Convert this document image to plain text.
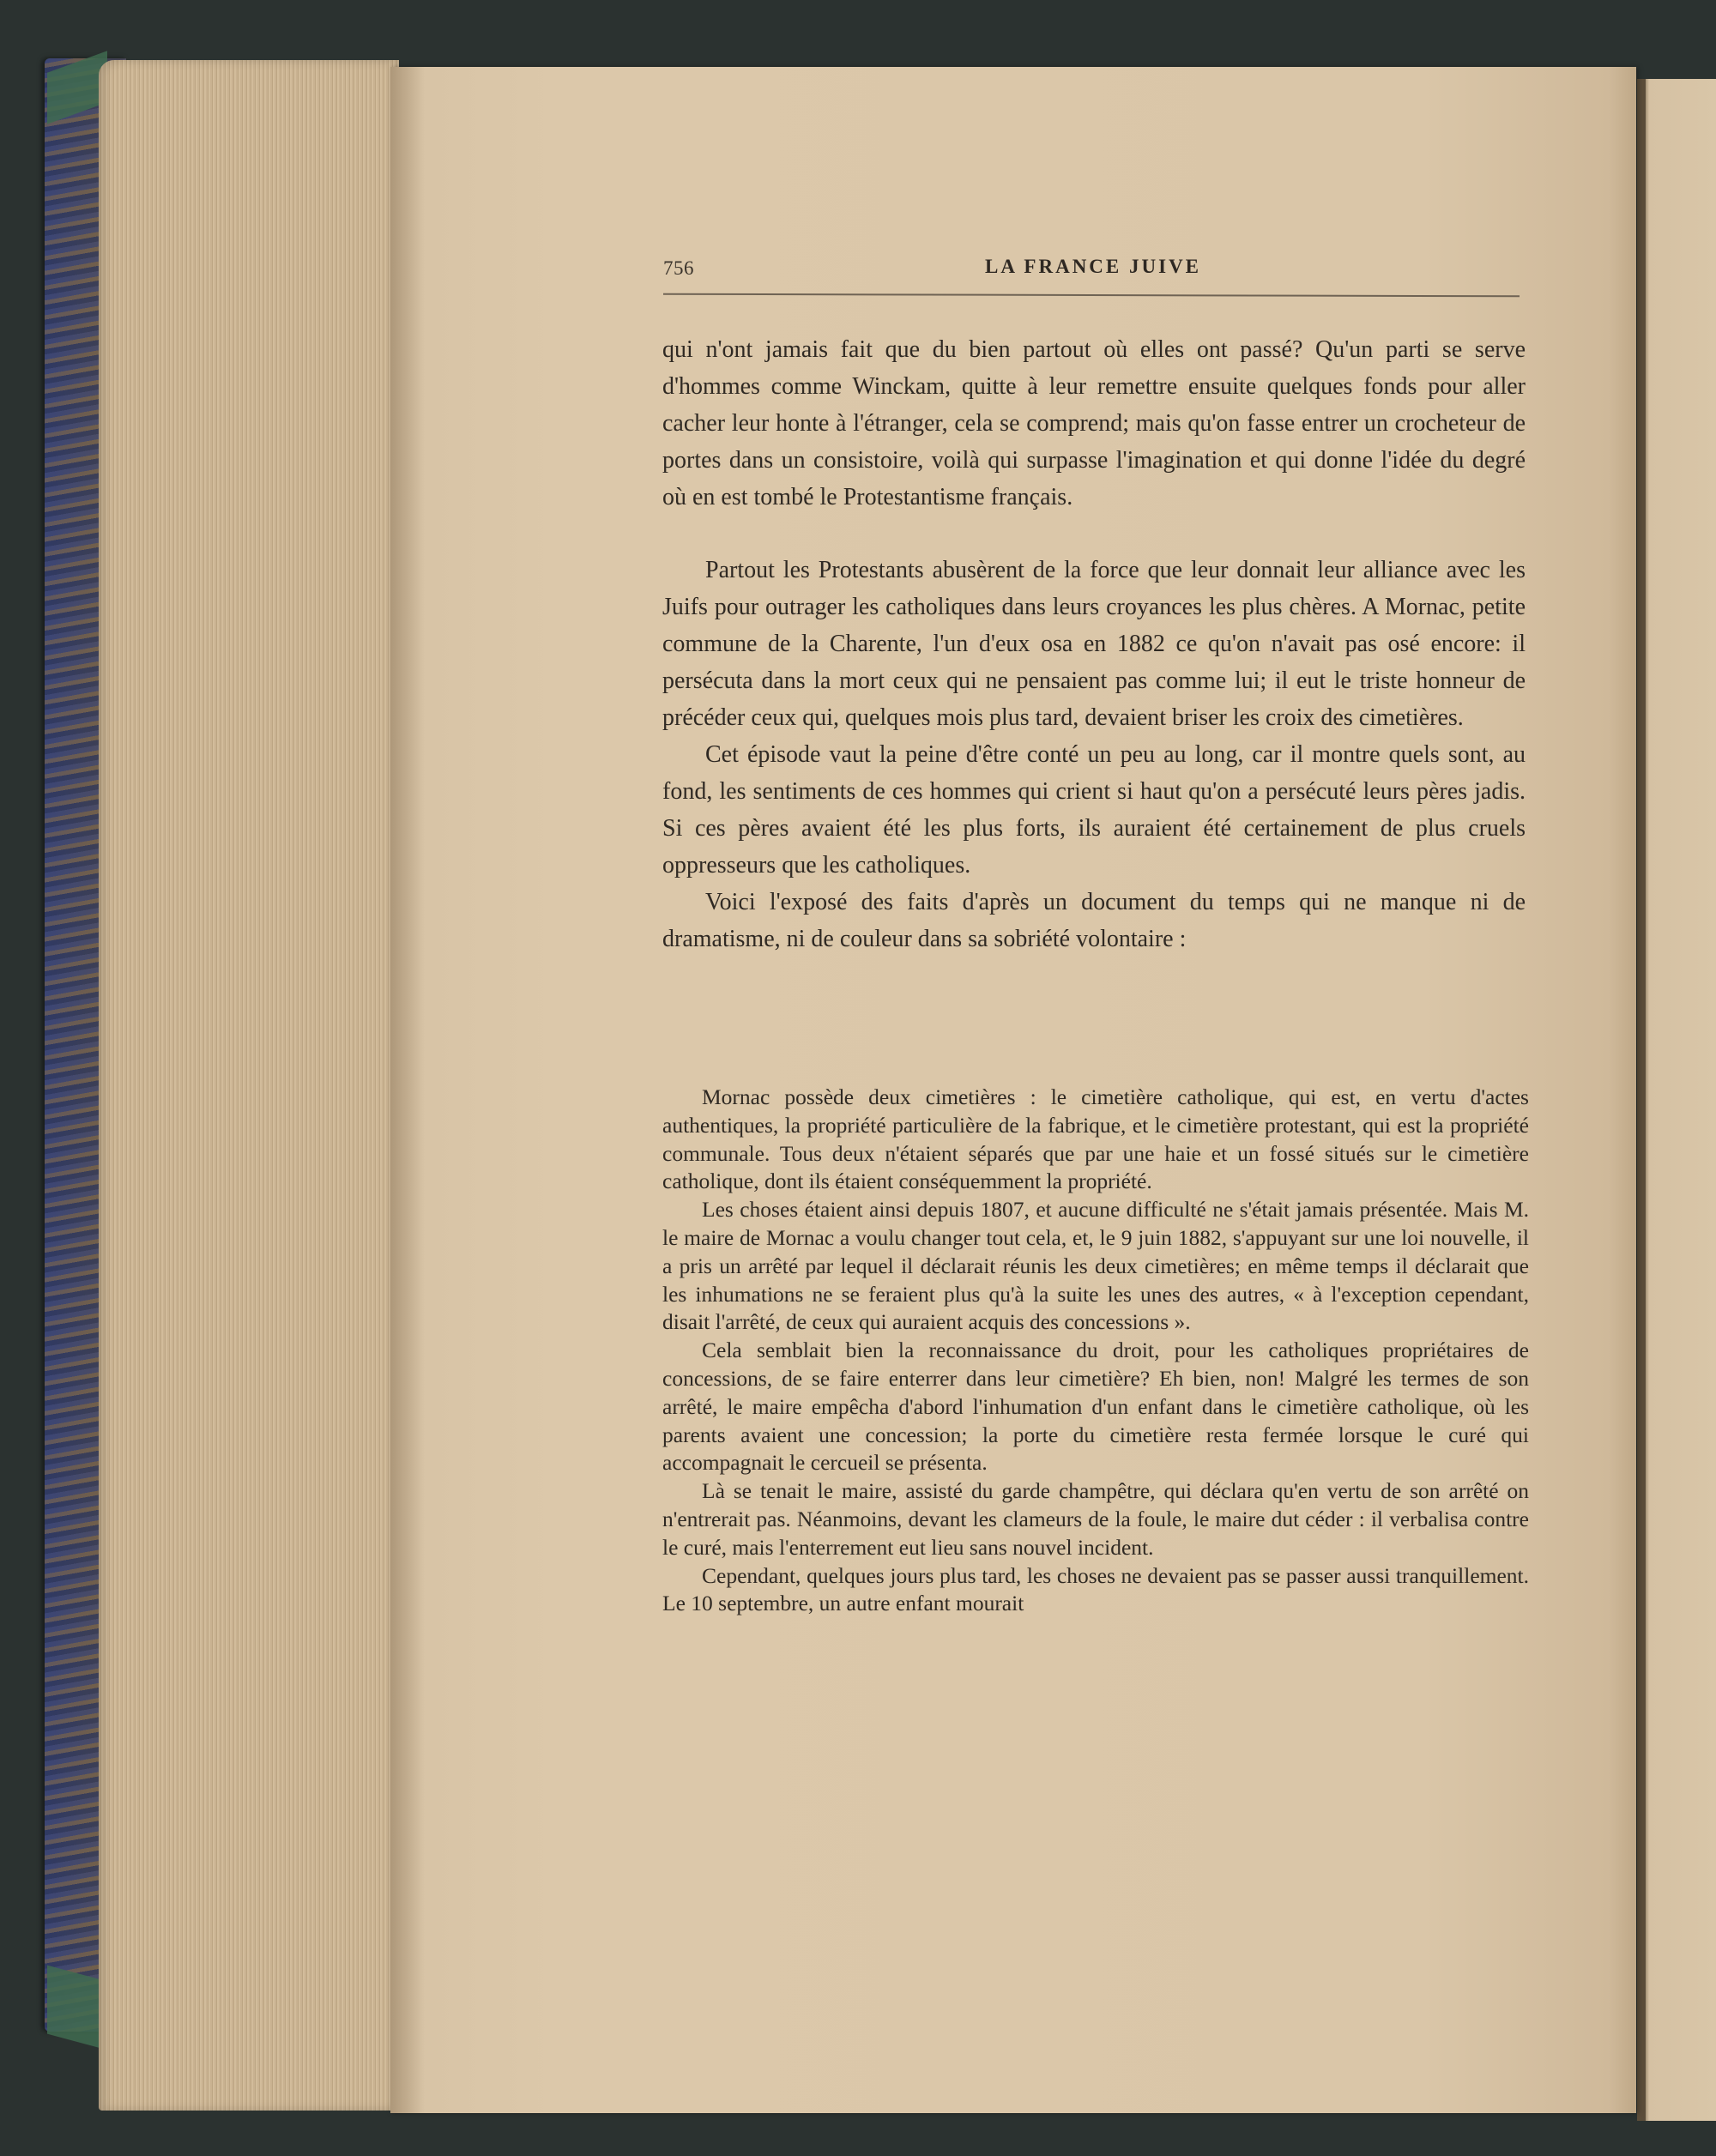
756	LA FRANCE JUIVE

qui n'ont jamais fait que du bien partout où elles ont passé? Qu'un parti se serve d'hommes comme Winckam, quitte à leur remettre ensuite quelques fonds pour aller cacher leur honte à l'étranger, cela se comprend; mais qu'on fasse entrer un crocheteur de portes dans un consistoire, voilà qui surpasse l'imagination et qui donne l'idée du degré où en est tombé le Protestantisme français.

Partout les Protestants abusèrent de la force que leur donnait leur alliance avec les Juifs pour outrager les catholiques dans leurs croyances les plus chères. A Mornac, petite commune de la Charente, l'un d'eux osa en 1882 ce qu'on n'avait pas osé encore: il persécuta dans la mort ceux qui ne pensaient pas comme lui; il eut le triste honneur de précéder ceux qui, quelques mois plus tard, devaient briser les croix des cimetières.

Cet épisode vaut la peine d'être conté un peu au long, car il montre quels sont, au fond, les sentiments de ces hommes qui crient si haut qu'on a persécuté leurs pères jadis. Si ces pères avaient été les plus forts, ils auraient été certainement de plus cruels oppresseurs que les catholiques.

Voici l'exposé des faits d'après un document du temps qui ne manque ni de dramatisme, ni de couleur dans sa sobriété volontaire :

Mornac possède deux cimetières : le cimetière catholique, qui est, en vertu d'actes authentiques, la propriété particulière de la fabrique, et le cimetière protestant, qui est la propriété communale. Tous deux n'étaient séparés que par une haie et un fossé situés sur le cimetière catholique, dont ils étaient conséquemment la propriété.

Les choses étaient ainsi depuis 1807, et aucune difficulté ne s'était jamais présentée. Mais M. le maire de Mornac a voulu changer tout cela, et, le 9 juin 1882, s'appuyant sur une loi nouvelle, il a pris un arrêté par lequel il déclarait réunis les deux cimetières; en même temps il déclarait que les inhumations ne se feraient plus qu'à la suite les unes des autres, « à l'exception cependant, disait l'arrêté, de ceux qui auraient acquis des concessions ».

Cela semblait bien la reconnaissance du droit, pour les catholiques propriétaires de concessions, de se faire enterrer dans leur cimetière? Eh bien, non! Malgré les termes de son arrêté, le maire empêcha d'abord l'inhumation d'un enfant dans le cimetière catholique, où les parents avaient une concession; la porte du cimetière resta fermée lorsque le curé qui accompagnait le cercueil se présenta.

Là se tenait le maire, assisté du garde champêtre, qui déclara qu'en vertu de son arrêté on n'entrerait pas. Néanmoins, devant les clameurs de la foule, le maire dut céder : il verbalisa contre le curé, mais l'enterrement eut lieu sans nouvel incident.

Cependant, quelques jours plus tard, les choses ne devaient pas se passer aussi tranquillement. Le 10 septembre, un autre enfant mourait
